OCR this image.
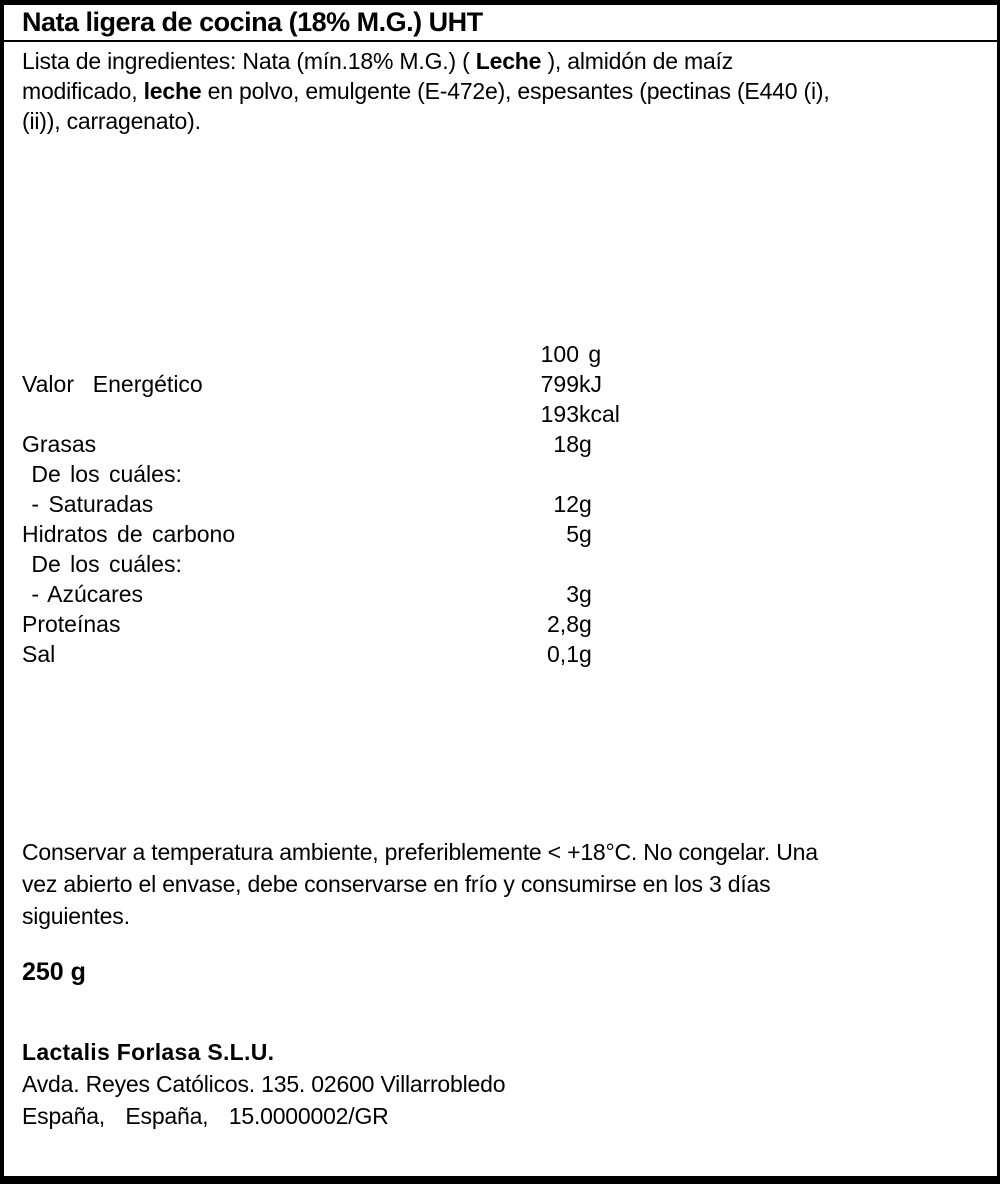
Nata ligera de cocina (18% M.G.) UHT
Lista de ingredientes: Nata (mín.18% M.G.) ( Leche ), almidón de maíz
modificado, leche en polvo, emulgente (E-472e), espesantes (pectinas (E440 (i),
(ii)), carragenato).
100 g
Valor  Energético	799 kJ
193 kcal
Grasas	18 g
De los cuáles:
- Saturadas	12 g
Hidratos de carbono	5 g
De los cuáles:
- Azúcares	3 g
Proteínas	2,8 g
Sal	0,1 g
Conservar a temperatura ambiente, preferiblemente < +18°C. No congelar. Una
vez abierto el envase, debe conservarse en frío y consumirse en los 3 días
siguientes.
250 g
Lactalis Forlasa S.L.U.
Avda. Reyes Católicos. 135. 02600 Villarrobledo
España,  España,  15.0000002/GR
